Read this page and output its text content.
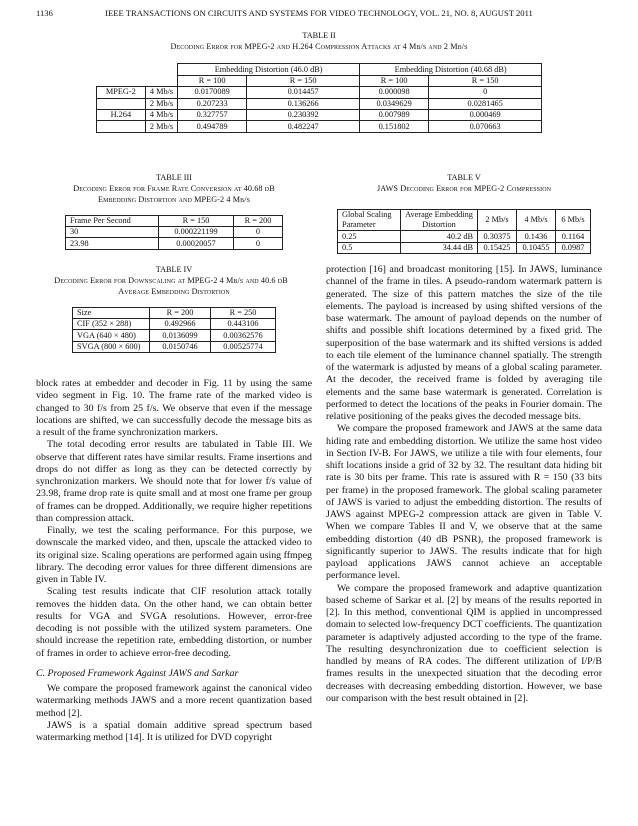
1136	IEEE TRANSACTIONS ON CIRCUITS AND SYSTEMS FOR VIDEO TECHNOLOGY, VOL. 21, NO. 8, AUGUST 2011
TABLE II
Decoding Error for MPEG-2 and H.264 Compression Attacks at 4 Mb/s and 2 Mb/s
		Embedding Distortion (46.0 dB)		Embedding Distortion (40.68 dB)	
		R = 100	R = 150	R = 100	R = 150
MPEG-2	4 Mb/s	0.0170089	0.014457	0.000098	0
	2 Mb/s	0.207233	0.136266	0.0349629	0.0281465
H.264	4 Mb/s	0.327757	0.230392	0.007989	0.000469
	2 Mb/s	0.494789	0.482247	0.151802	0.070663
TABLE III
Decoding Error for Frame Rate Conversion at 40.68 dB
Embedding Distortion and MPEG-2 4 Mb/s
Frame Per Second	R = 150	R = 200
30	0.000221199	0
23.98	0.00020057	0
TABLE IV
Decoding Error for Downscaling at MPEG-2 4 Mb/s and 40.6 dB
Average Embedding Distortion
Size	R = 200	R = 250
CIF (352 × 288)	0.492966	0.443106
VGA (640 × 480)	0.0136099	0.00362576
SVGA (800 × 600)	0.0150746	0.00525774
TABLE V
JAWS Decoding Error for MPEG-2 Compression
Global Scaling Parameter	Average Embedding Distortion	2 Mb/s	4 Mb/s	6 Mb/s
0.25	40.2 dB	0.30375	0.1436	0.1164
0.5	34.44 dB	0.15425	0.10455	0.0987

block rates at embedder and decoder in Fig. 11 by using the same video segment in Fig. 10. The frame rate of the marked video is changed to 30 f/s from 25 f/s. We observe that even if the message locations are shifted, we can successfully decode the message bits as a result of the frame synchronization markers.

The total decoding error results are tabulated in Table III. We observe that different rates have similar results. Frame insertions and drops do not differ as long as they can be detected correctly by synchronization markers. We should note that for lower f/s value of 23.98, frame drop rate is quite small and at most one frame per group of frames can be dropped. Additionally, we require higher repetitions than compression attack.

Finally, we test the scaling performance. For this purpose, we downscale the marked video, and then, upscale the attacked video to its original size. Scaling operations are performed again using ffmpeg library. The decoding error values for three different dimensions are given in Table IV.

Scaling test results indicate that CIF resolution attack totally removes the hidden data. On the other hand, we can obtain better results for VGA and SVGA resolutions. However, error-free decoding is not possible with the utilized system parameters. One should increase the repetition rate, embedding distortion, or number of frames in order to achieve error-free decoding.

C. Proposed Framework Against JAWS and Sarkar

We compare the proposed framework against the canonical video watermarking methods JAWS and a more recent quantization based method [2].

JAWS is a spatial domain additive spread spectrum based watermarking method [14]. It is utilized for DVD copyright

protection [16] and broadcast monitoring [15]. In JAWS, luminance channel of the frame in tiles. A pseudo-random watermark pattern is generated. The size of this pattern matches the size of the tile elements. The payload is increased by using shifted versions of the base watermark. The amount of payload depends on the number of shifts and possible shift locations determined by a fixed grid. The superposition of the base watermark and its shifted versions is added to each tile element of the luminance channel spatially. The strength of the watermark is adjusted by means of a global scaling parameter. At the decoder, the received frame is folded by averaging tile elements and the same base watermark is generated. Correlation is performed to detect the locations of the peaks in Fourier domain. The relative positioning of the peaks gives the decoded message bits.

We compare the proposed framework and JAWS at the same data hiding rate and embedding distortion. We utilize the same host video in Section IV-B. For JAWS, we utilize a tile with four elements, four shift locations inside a grid of 32 by 32. The resultant data hiding bit rate is 30 bits per frame. This rate is assured with R = 150 (33 bits per frame) in the proposed framework. The global scaling parameter of JAWS is varied to adjust the embedding distortion. The results of JAWS against MPEG-2 compression attack are given in Table V. When we compare Tables II and V, we observe that at the same embedding distortion (40 dB PSNR), the proposed framework is significantly superior to JAWS. The results indicate that for high payload applications JAWS cannot achieve an acceptable performance level.

We compare the proposed framework and adaptive quantization based scheme of Sarkar et al. [2] by means of the results reported in [2]. In this method, conventional QIM is applied in uncompressed domain to selected low-frequency DCT coefficients. The quantization parameter is adaptively adjusted according to the type of the frame. The resulting desynchronization due to coefficient selection is handled by means of RA codes. The different utilization of I/P/B frames results in the unexpected situation that the decoding error decreases with decreasing embedding distortion. However, we base our comparison with the best result obtained in [2].
